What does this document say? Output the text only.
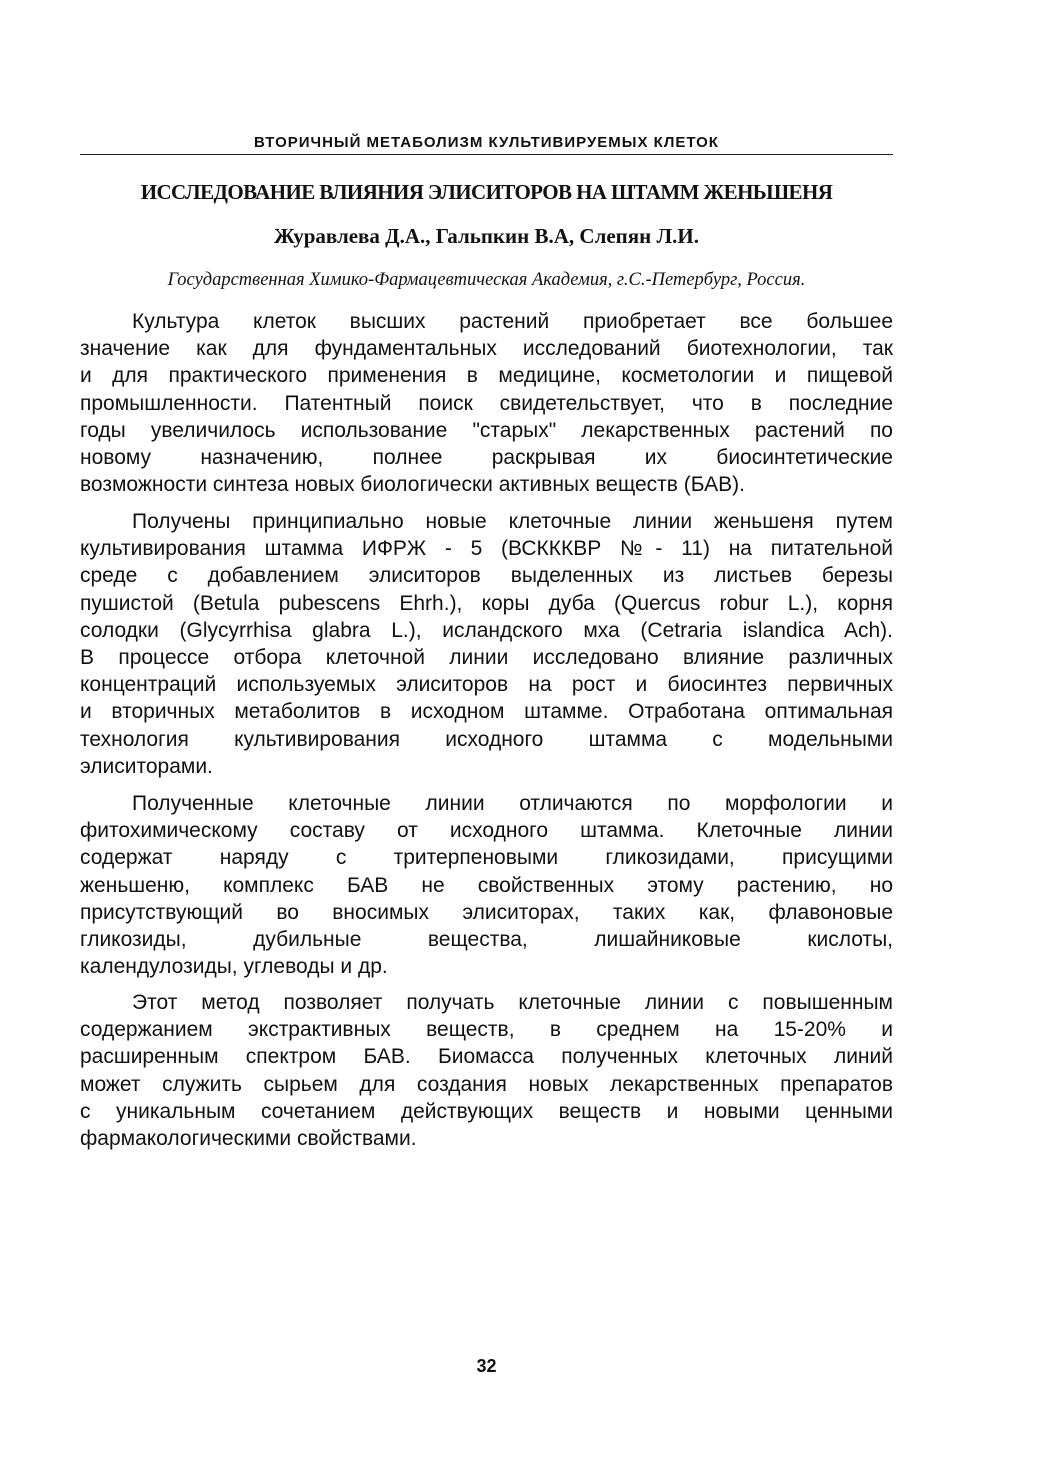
ВТОРИЧНЫЙ МЕТАБОЛИЗМ КУЛЬТИВИРУЕМЫХ КЛЕТОК
ИССЛЕДОВАНИЕ ВЛИЯНИЯ ЭЛИСИТОРОВ НА ШТАММ ЖЕНЬШЕНЯ
Журавлева Д.А., Гальпкин В.А, Слепян Л.И.
Государственная Химико-Фармацевтическая Академия, г.С.-Петербург, Россия.

Культура клеток высших растений приобретает все большее
значение как для фундаментальных исследований биотехнологии, так
и для практического применения в медицине, косметологии и пищевой
промышленности. Патентный поиск свидетельствует, что в последние
годы увеличилось использование "старых" лекарственных растений по
новому назначению, полнее раскрывая их биосинтетические
возможности синтеза новых биологически активных веществ (БАВ).

Получены принципиально новые клеточные линии женьшеня путем
культивирования штамма ИФРЖ - 5 (ВСКККВР №- 11) на питательной
среде с добавлением элиситоров выделенных из листьев березы
пушистой (Betula pubescens Ehrh.), коры дуба (Quercus robur L.), корня
солодки (Glycyrrhisa glabra L.), исландского мха (Cetraria islandica Ach).
В процессе отбора клеточной линии исследовано влияние различных
концентраций используемых элиситоров на рост и биосинтез первичных
и вторичных метаболитов в исходном штамме. Отработана оптимальная
технология культивирования исходного штамма с модельными
элиситорами.

Полученные клеточные линии отличаются по морфологии и
фитохимическому составу от исходного штамма. Клеточные линии
содержат наряду с тритерпеновыми гликозидами, присущими
женьшеню, комплекс БАВ не свойственных этому растению, но
присутствующий во вносимых элиситорах, таких как, флавоновые
гликозиды, дубильные вещества, лишайниковые кислоты,
календулозиды, углеводы и др.

Этот метод позволяет получать клеточные линии с повышенным
содержанием экстрактивных веществ, в среднем на 15-20% и
расширенным спектром БАВ. Биомасса полученных клеточных линий
может служить сырьем для создания новых лекарственных препаратов
с уникальным сочетанием действующих веществ и новыми ценными
фармакологическими свойствами.

32
